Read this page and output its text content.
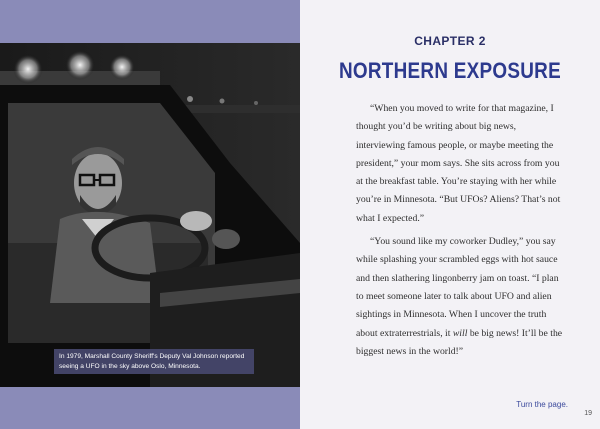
In 1979, Marshall County Sheriff's Deputy Val Johnson reported seeing a UFO in the sky above Oslo, Minnesota.
CHAPTER 2
NORTHERN EXPOSURE

“When you moved to write for that magazine, I thought you’d be writing about big news, interviewing famous people, or maybe meeting the president,” your mom says. She sits across from you at the breakfast table. You’re staying with her while you’re in Minnesota. “But UFOs? Aliens? That’s not what I expected.”

“You sound like my coworker Dudley,” you say while splashing your scrambled eggs with hot sauce and then slathering lingonberry jam on toast. “I plan to meet someone later to talk about UFO and alien sightings in Minnesota. When I uncover the truth about extraterrestrials, it will be big news! It’ll be the biggest news in the world!”

Turn the page.
19
